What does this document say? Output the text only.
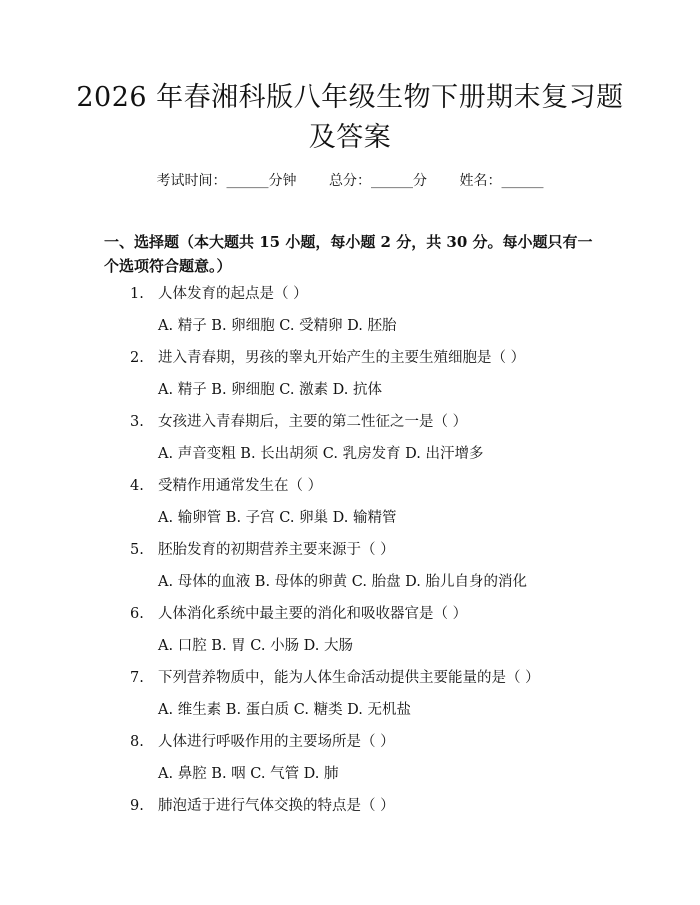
2026 年春湘科版八年级生物下册期末复习题
及答案
考试时间：______分钟 总分：______分 姓名：______
一、选择题（本大题共 15 小题，每小题 2 分，共 30 分。每小题只有一个选项符合题意。）
1. 人体发育的起点是（ ）
A. 精子 B. 卵细胞 C. 受精卵 D. 胚胎
2. 进入青春期，男孩的睾丸开始产生的主要生殖细胞是（ ）
A. 精子 B. 卵细胞 C. 激素 D. 抗体
3. 女孩进入青春期后，主要的第二性征之一是（ ）
A. 声音变粗 B. 长出胡须 C. 乳房发育 D. 出汗增多
4. 受精作用通常发生在（ ）
A. 输卵管 B. 子宫 C. 卵巢 D. 输精管
5. 胚胎发育的初期营养主要来源于（ ）
A. 母体的血液 B. 母体的卵黄 C. 胎盘 D. 胎儿自身的消化
6. 人体消化系统中最主要的消化和吸收器官是（ ）
A. 口腔 B. 胃 C. 小肠 D. 大肠
7. 下列营养物质中，能为人体生命活动提供主要能量的是（ ）
A. 维生素 B. 蛋白质 C. 糖类 D. 无机盐
8. 人体进行呼吸作用的主要场所是（ ）
A. 鼻腔 B. 咽 C. 气管 D. 肺
9. 肺泡适于进行气体交换的特点是（ ）
